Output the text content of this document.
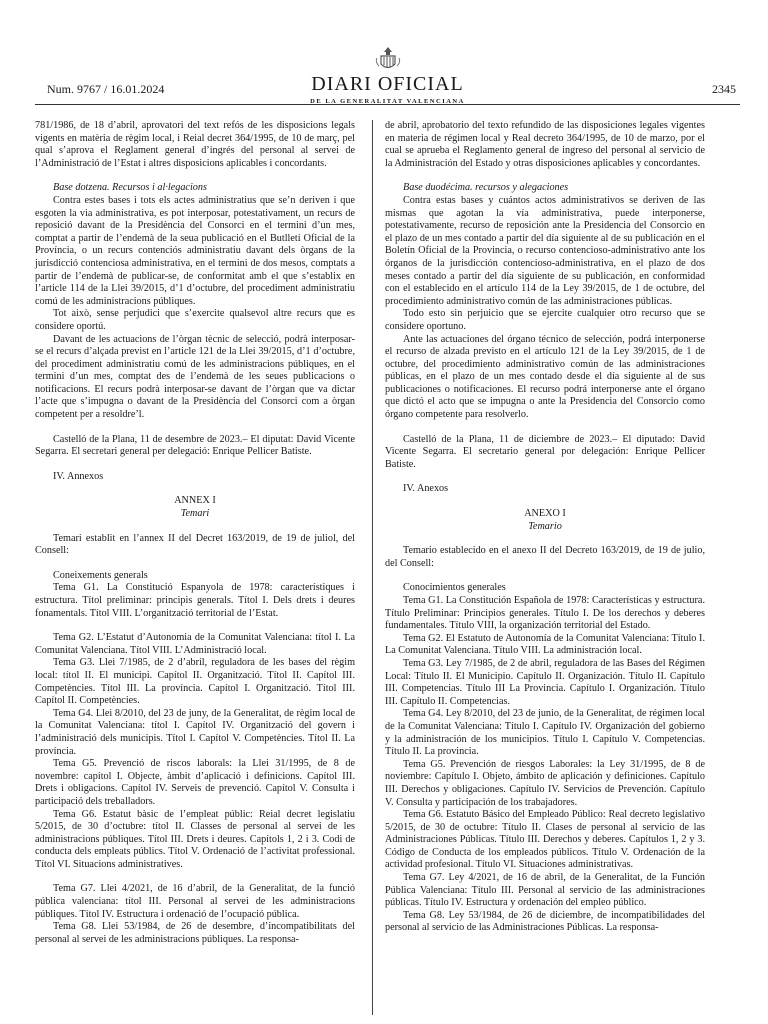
Num. 9767 / 16.01.2024	DIARI OFICIAL
DE LA GENERALITAT VALENCIANA
2345

781/1986, de 18 d’abril, aprovatori del text refós de les disposicions legals vigents en matèria de règim local, i Reial decret 364/1995, de 10 de març, pel qual s’aprova el Reglament general d’ingrés del personal al servei de l’Administració de l’Estat i altres disposicions aplicables i concordants.

Base dotzena. Recursos i al·legacions

Contra estes bases i tots els actes administratius que se’n deriven i que esgoten la via administrativa, es pot interposar, potestativament, un recurs de reposició davant de la Presidència del Consorci en el termini d’un mes, comptat a partir de l’endemà de la seua publicació en el Butlletí Oficial de la Província, o un recurs contenciós administratiu davant dels òrgans de la jurisdicció contenciosa administrativa, en el termini de dos mesos, comptats a partir de l’endemà de publicar-se, de conformitat amb el que s’establix en l’article 114 de la Llei 39/2015, d’1 d’octubre, del procediment administratiu comú de les administracions públiques.

Tot això, sense perjudici que s’exercite qualsevol altre recurs que es considere oportú.

Davant de les actuacions de l’òrgan tècnic de selecció, podrà interposar-se el recurs d’alçada previst en l’article 121 de la Llei 39/2015, d’1 d’octubre, del procediment administratiu comú de les administracions públiques, en el termini d’un mes, comptat des de l’endemà de les seues publicacions o notificacions. El recurs podrà interposar-se davant de l’òrgan que va dictar l’acte que s’impugna o davant de la Presidència del Consorci com a òrgan competent per a resoldre’l.

Castelló de la Plana, 11 de desembre de 2023.– El diputat: David Vicente Segarra. El secretari general per delegació: Enrique Pellicer Batiste.

IV. Annexos

ANNEX I

Temari

Temari establit en l’annex II del Decret 163/2019, de 19 de juliol, del Consell:

Coneixements generals

Tema G1. La Constitució Espanyola de 1978: característiques i estructura. Títol preliminar: principis generals. Títol I. Dels drets i deures fonamentals. Títol VIII. L’organització territorial de l’Estat.

Tema G2. L’Estatut d’Autonomia de la Comunitat Valenciana: títol I. La Comunitat Valenciana. Títol VIII. L’Administració local.

Tema G3. Llei 7/1985, de 2 d’abril, reguladora de les bases del règim local: títol II. El municipi. Capítol II. Organització. Títol II. Capítol III. Competències. Títol III. La província. Capítol I. Organització. Títol III. Capítol II. Competències.

Tema G4. Llei 8/2010, del 23 de juny, de la Generalitat, de règim local de la Comunitat Valenciana: títol I. Capítol IV. Organització del govern i l’administració dels municipis. Títol I. Capítol V. Competències. Títol II. La província.

Tema G5. Prevenció de riscos laborals: la Llei 31/1995, de 8 de novembre: capítol I. Objecte, àmbit d’aplicació i definicions. Capítol III. Drets i obligacions. Capítol IV. Serveis de prevenció. Capítol V. Consulta i participació dels treballadors.

Tema G6. Estatut bàsic de l’empleat públic: Reial decret legislatiu 5/2015, de 30 d’octubre: títol II. Classes de personal al servei de les administracions públiques. Títol III. Drets i deures. Capítols 1, 2 i 3. Codi de conducta dels empleats públics. Títol V. Ordenació de l’activitat professional. Títol VI. Situacions administratives.

Tema G7. Llei 4/2021, de 16 d’abril, de la Generalitat, de la funció pública valenciana: títol III. Personal al servei de les administracions públiques. Títol IV. Estructura i ordenació de l’ocupació pública.

Tema G8. Llei 53/1984, de 26 de desembre, d’incompatibilitats del personal al servei de les administracions públiques. La responsa-

de abril, aprobatorio del texto refundido de las disposiciones legales vigentes en materia de régimen local y Real decreto 364/1995, de 10 de marzo, por el cual se aprueba el Reglamento general de ingreso del personal al servicio de la Administración del Estado y otras disposiciones aplicables y concordantes.

Base duodécima. recursos y alegaciones

Contra estas bases y cuántos actos administrativos se deriven de las mismas que agotan la vía administrativa, puede interponerse, potestativamente, recurso de reposición ante la Presidencia del Consorcio en el plazo de un mes contado a partir del día siguiente al de su publicación en el Boletín Oficial de la Provincia, o recurso contencioso-administrativo ante los órganos de la jurisdicción contencioso-administrativa, en el plazo de dos meses contado a partir del día siguiente de su publicación, en conformidad con el establecido en el artículo 114 de la Ley 39/2015, de 1 de octubre, del procedimiento administrativo común de las administraciones públicas.

Todo esto sin perjuicio que se ejercite cualquier otro recurso que se considere oportuno.

Ante las actuaciones del órgano técnico de selección, podrá interponerse el recurso de alzada previsto en el artículo 121 de la Ley 39/2015, de 1 de octubre, del procedimiento administrativo común de las administraciones públicas, en el plazo de un mes contado desde el día siguiente al de sus publicaciones o notificaciones. El recurso podrá interponerse ante el órgano que dictó el acto que se impugna o ante la Presidencia del Consorcio como órgano competente para resolverlo.

Castelló de la Plana, 11 de diciembre de 2023.– El diputado: David Vicente Segarra. El secretario general por delegación: Enrique Pellicer Batiste.

IV. Anexos

ANEXO I

Temario

Temario establecido en el anexo II del Decreto 163/2019, de 19 de julio, del Consell:

Conocimientos generales

Tema G1. La Constitución Española de 1978: Características y estructura. Título Preliminar: Principios generales. Título I. De los derechos y deberes fundamentales. Título VIII, la organización territorial del Estado.

Tema G2. El Estatuto de Autonomía de la Comunitat Valenciana: Título I. La Comunitat Valenciana. Título VIII. La administración local.

Tema G3. Ley 7/1985, de 2 de abril, reguladora de las Bases del Régimen Local: Título II. El Municipio. Capítulo II. Organización. Título II. Capítulo III. Competencias. Título III La Provincia. Capítulo I. Organización. Título III. Capítulo II. Competencias.

Tema G4. Ley 8/2010, del 23 de junio, de la Generalitat, de régimen local de la Comunitat Valenciana: Título I. Capítulo IV. Organización del gobierno y la administración de los municipios. Título I. Capítulo V. Competencias. Título II. La provincia.

Tema G5. Prevención de riesgos Laborales: la Ley 31/1995, de 8 de noviembre: Capítulo I. Objeto, ámbito de aplicación y definiciones. Capítulo III. Derechos y obligaciones. Capítulo IV. Servicios de Prevención. Capítulo V. Consulta y participación de los trabajadores.

Tema G6. Estatuto Básico del Empleado Público: Real decreto legislativo 5/2015, de 30 de octubre: Título II. Clases de personal al servicio de las Administraciones Públicas. Título III. Derechos y deberes. Capítulos 1, 2 y 3. Código de Conducta de los empleados públicos. Título V. Ordenación de la actividad profesional. Título VI. Situaciones administrativas.

Tema G7. Ley 4/2021, de 16 de abril, de la Generalitat, de la Función Pública Valenciana: Título III. Personal al servicio de las administraciones públicas. Título IV. Estructura y ordenación del empleo público.

Tema G8. Ley 53/1984, de 26 de diciembre, de incompatibilidades del personal al servicio de las Administraciones Públicas. La responsa-
